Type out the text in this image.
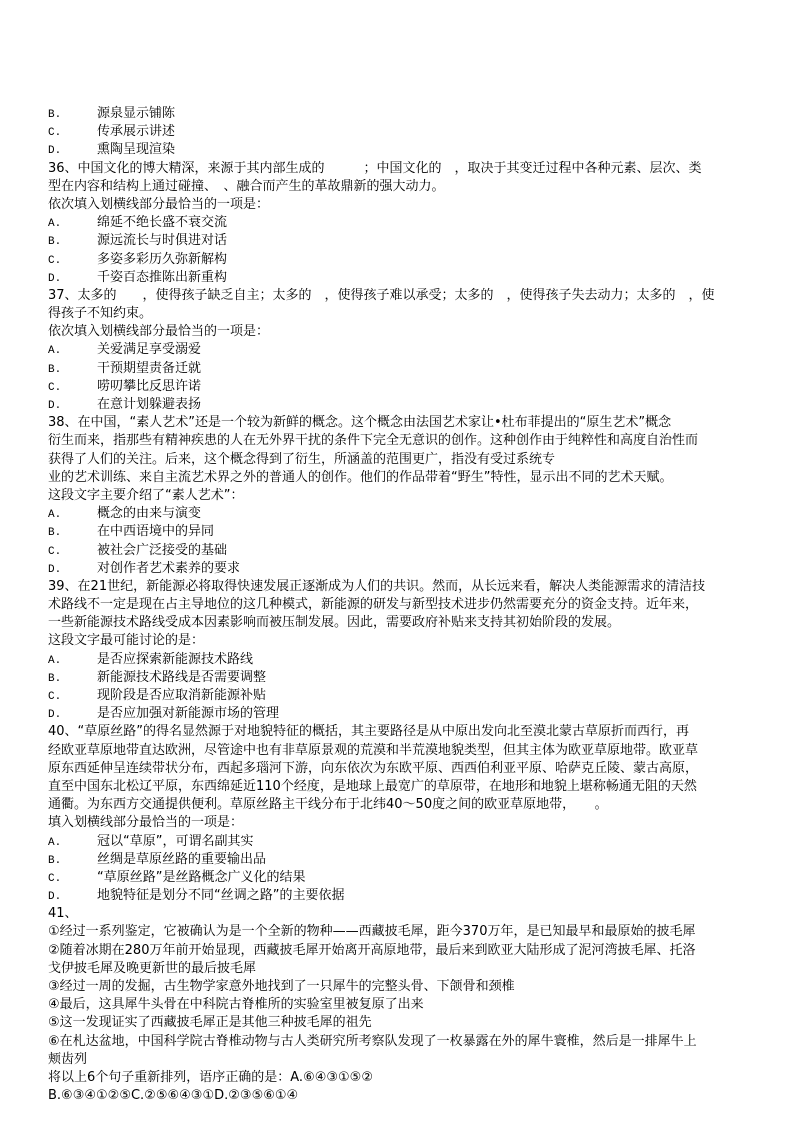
B.	源泉显示铺陈
C.	传承展示讲述
D.	熏陶呈现渲染
36、中国文化的博大精深，来源于其内部生成的　　　；中国文化的　，取决于其变迁过程中各种元素、层次、类
型在内容和结构上通过碰撞、　、融合而产生的革故鼎新的强大动力。
依次填入划横线部分最恰当的一项是：
A.	绵延不绝长盛不衰交流
B.	源远流长与时俱进对话
C.	多姿多彩历久弥新解构
D.	千姿百态推陈出新重构
37、太多的　　，使得孩子缺乏自主；太多的　，使得孩子难以承受；太多的　，使得孩子失去动力；太多的　，使
得孩子不知约束。
依次填入划横线部分最恰当的一项是：
A.	关爱满足享受溺爱
B.	干预期望责备迁就
C.	唠叨攀比反思许诺
D.	在意计划躲避表扬
38、在中国，“素人艺术”还是一个较为新鲜的概念。这个概念由法国艺术家让•杜布菲提出的“原生艺术”概念
衍生而来，指那些有精神疾患的人在无外界干扰的条件下完全无意识的创作。这种创作由于纯粹性和高度自治性而
获得了人们的关注。后来，这个概念得到了衍生，所涵盖的范围更广，指没有受过系统专
业的艺术训练、来自主流艺术界之外的普通人的创作。他们的作品带着“野生”特性，显示出不同的艺术天赋。
这段文字主要介绍了“素人艺术”：
A.	概念的由来与演变
B.	在中西语境中的异同
C.	被社会广泛接受的基础
D.	对创作者艺术素养的要求
39、在21世纪，新能源必将取得快速发展正逐渐成为人们的共识。然而，从长远来看，解决人类能源需求的清洁技
术路线不一定是现在占主导地位的这几种模式，新能源的研发与新型技术进步仍然需要充分的资金支持。近年来，
一些新能源技术路线受成本因素影响而被压制发展。因此，需要政府补贴来支持其初始阶段的发展。
这段文字最可能讨论的是：
A.	是否应探索新能源技术路线
B.	新能源技术路线是否需要调整
C.	现阶段是否应取消新能源补贴
D.	是否应加强对新能源市场的管理
40、“草原丝路”的得名显然源于对地貌特征的概括，其主要路径是从中原出发向北至漠北蒙古草原折而西行，再
经欧亚草原地带直达欧洲，尽管途中也有非草原景观的荒漠和半荒漠地貌类型，但其主体为欧亚草原地带。欧亚草
原东西延伸呈连续带状分布，西起多瑙河下游，向东依次为东欧平原、西西伯利亚平原、哈萨克丘陵、蒙古高原，
直至中国东北松辽平原，东西绵延近110个经度，是地球上最宽广的草原带，在地形和地貌上堪称畅通无阻的天然
通衢。为东西方交通提供便利。草原丝路主干线分布于北纬40～50度之间的欧亚草原地带，　　。
填入划横线部分最恰当的一项是：
A.	冠以“草原”，可谓名副其实
B.	丝绸是草原丝路的重要输出品
C.	“草原丝路”是丝路概念广义化的结果
D.	地貌特征是划分不同“丝调之路”的主要依据
41、
①经过一系列鉴定，它被确认为是一个全新的物种——西藏披毛犀，距今370万年，是已知最早和最原始的披毛犀
②随着冰期在280万年前开始显现，西藏披毛犀开始离开高原地带，最后来到欧亚大陆形成了泥河湾披毛犀、托洛
戈伊披毛犀及晚更新世的最后披毛犀
③经过一周的发掘，古生物学家意外地找到了一只犀牛的完整头骨、下颌骨和颈椎
④最后，这具犀牛头骨在中科院古脊椎所的实验室里被复原了出来
⑤这一发现证实了西藏披毛犀正是其他三种披毛犀的祖先
⑥在札达盆地，中国科学院古脊椎动物与古人类研究所考察队发现了一枚暴露在外的犀牛寰椎，然后是一排犀牛上
颊齿列
将以上6个句子重新排列，语序正确的是：A.⑥④③①⑤②
B.⑥③④①②⑤C.②⑤⑥④③①D.②③⑤⑥①④
